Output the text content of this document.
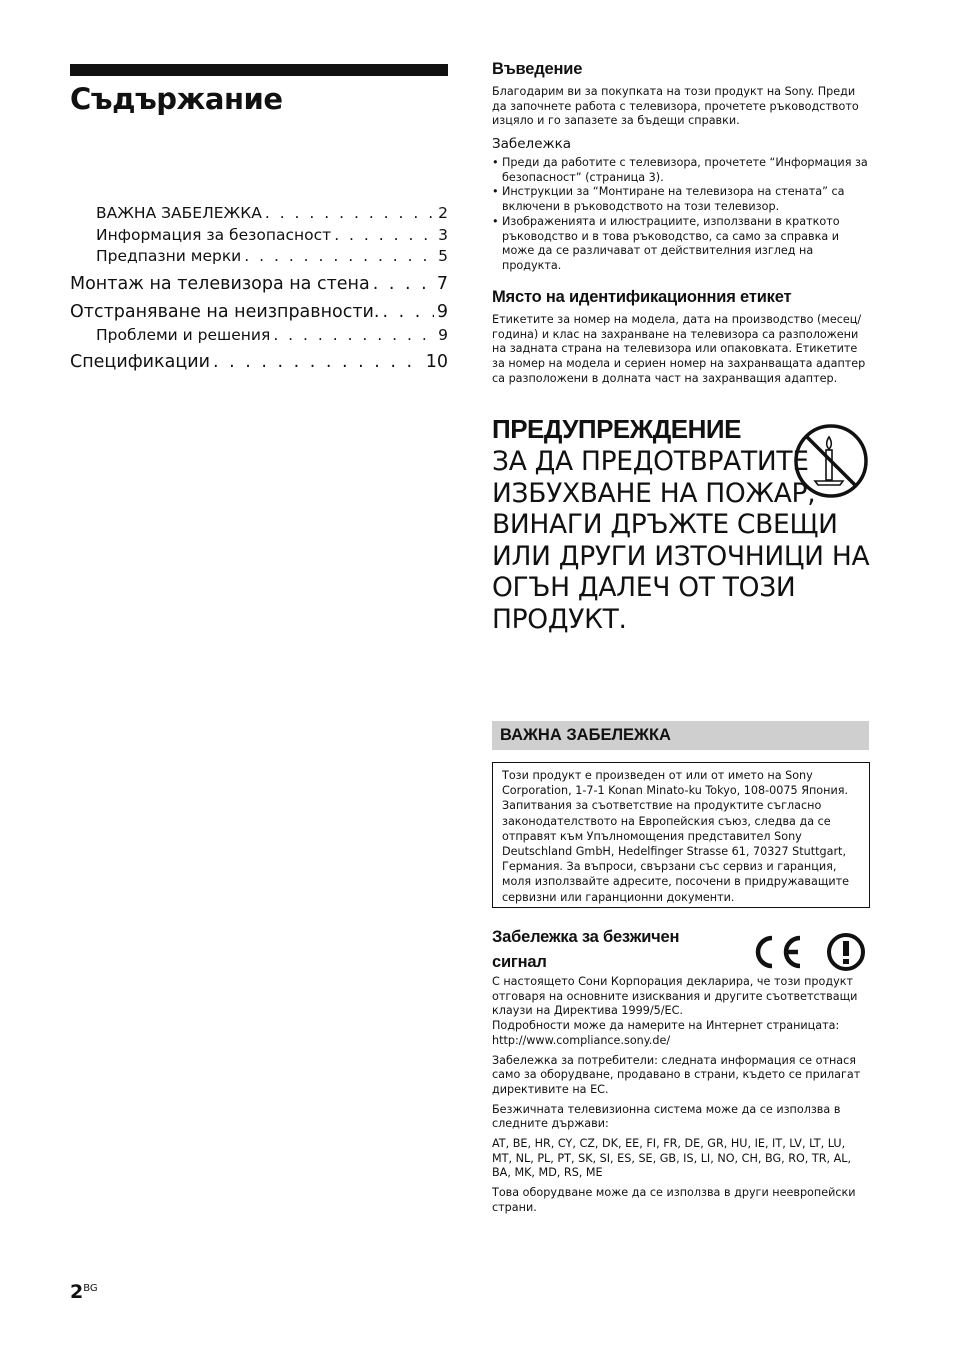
Съдържание
ВАЖНА ЗАБЕЛЕЖКА . . .	2
Информация за безопасност . . .	3
Предпазни мерки . . .	5
Монтаж на телевизора на стена . . .	7
Отстраняване на неизправности. . . .	9
Проблеми и решения . . .	9
Спецификации . . .	10
Въведение
Благодарим ви за покупката на този продукт на Sony. Преди да започнете работа с телевизора, прочетете ръководството изцяло и го запазете за бъдещи справки.
Забележка
• Преди да работите с телевизора, прочетете “Информация за безопасност” (страница 3).
• Инструкции за “Монтиране на телевизора на стената” са включени в ръководството на този телевизор.
• Изображенията и илюстрациите, използвани в краткото ръководство и в това ръководство, са само за справка и може да се различават от действителния изглед на продукта.
Място на идентификационния етикет
Етикетите за номер на модела, дата на производство (месец/година) и клас на захранване на телевизора са разположени на задната страна на телевизора или опаковката. Етикетите за номер на модела и сериен номер на захранващата адаптер са разположени в долната част на захранващия адаптер.
ПРЕДУПРЕЖДЕНИЕ
ЗА ДА ПРЕДОТВРАТИТЕ ИЗБУХВАНЕ НА ПОЖАР, ВИНАГИ ДРЪЖТЕ СВЕЩИ ИЛИ ДРУГИ ИЗТОЧНИЦИ НА ОГЪН ДАЛЕЧ ОТ ТОЗИ ПРОДУКТ.
ВАЖНА ЗАБЕЛЕЖКА
Този продукт е произведен от или от името на Sony Corporation, 1-7-1 Konan Minato-ku Tokyo, 108-0075 Япония. Запитвания за съответствие на продуктите съгласно законодателството на Европейския съюз, следва да се отправят към Упълномощения представител Sony Deutschland GmbH, Hedelfinger Strasse 61, 70327 Stuttgart, Германия. За въпроси, свързани със сервиз и гаранция, моля използвайте адресите, посочени в придружаващите сервизни или гаранционни документи.
Забележка за безжичен
сигнал
С настоящето Сони Корпорация декларира, че този продукт отговаря на основните изисквания и другите съответстващи клаузи на Директива 1999/5/ЕС.
Подробности може да намерите на Интернет страницата:
http://www.compliance.sony.de/
Забележка за потребители: следната информация се отнася само за оборудване, продавано в страни, където се прилагат директивите на ЕС.
Безжичната телевизионна система може да се използва в следните държави:
AT, BE, HR, CY, CZ, DK, EE, FI, FR, DE, GR, HU, IE, IT, LV, LT, LU, MT, NL, PL, PT, SK, SI, ES, SE, GB, IS, LI, NO, CH, BG, RO, TR, AL, BA, MK, MD, RS, ME
Това оборудване може да се използва в други неевропейски страни.
$2^{BG}$
